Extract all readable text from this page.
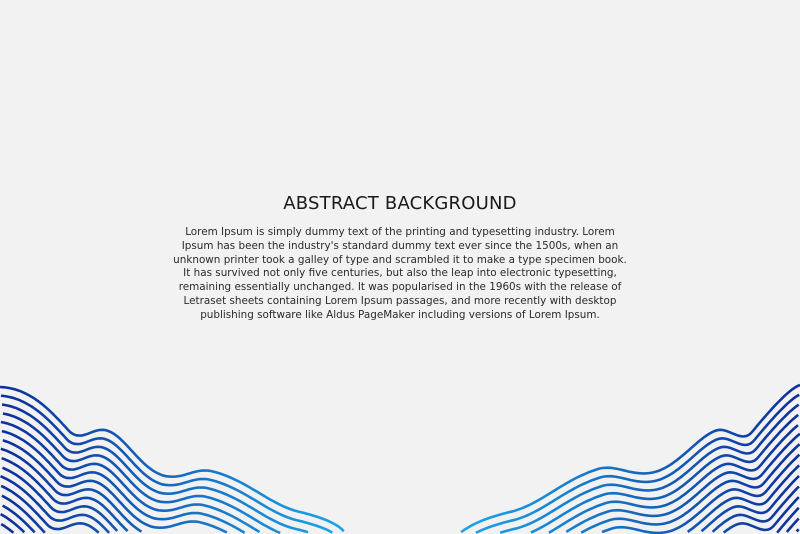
ABSTRACT BACKGROUND
Lorem Ipsum is simply dummy text of the printing and typesetting industry. Lorem Ipsum has been the industry's standard dummy text ever since the 1500s, when an unknown printer took a galley of type and scrambled it to make a type specimen book. It has survived not only five centuries, but also the leap into electronic typesetting, remaining essentially unchanged. It was popularised in the 1960s with the release of Letraset sheets containing Lorem Ipsum passages, and more recently with desktop publishing software like Aldus PageMaker including versions of Lorem Ipsum.
